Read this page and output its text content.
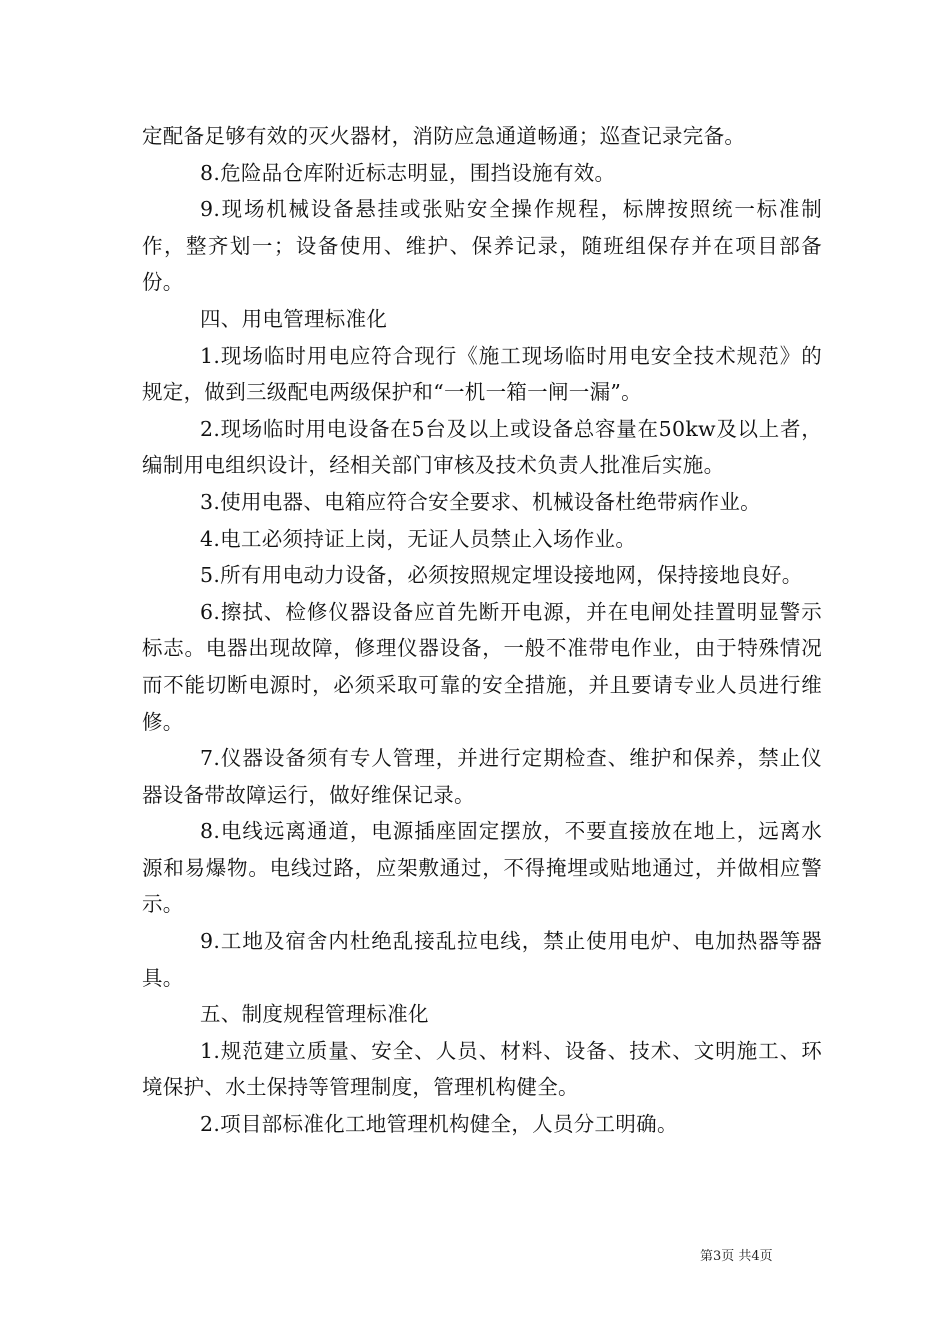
定配备足够有效的灭火器材，消防应急通道畅通；巡查记录完备。

8.危险品仓库附近标志明显，围挡设施有效。

9.现场机械设备悬挂或张贴安全操作规程，标牌按照统一标准制作，整齐划一；设备使用、维护、保养记录，随班组保存并在项目部备份。

四、用电管理标准化

1.现场临时用电应符合现行《施工现场临时用电安全技术规范》的规定，做到三级配电两级保护和“一机一箱一闸一漏”。

2.现场临时用电设备在5台及以上或设备总容量在50kw及以上者，编制用电组织设计，经相关部门审核及技术负责人批准后实施。

3.使用电器、电箱应符合安全要求、机械设备杜绝带病作业。

4.电工必须持证上岗，无证人员禁止入场作业。

5.所有用电动力设备，必须按照规定埋设接地网，保持接地良好。

6.擦拭、检修仪器设备应首先断开电源，并在电闸处挂置明显警示标志。电器出现故障，修理仪器设备，一般不准带电作业，由于特殊情况而不能切断电源时，必须采取可靠的安全措施，并且要请专业人员进行维修。

7.仪器设备须有专人管理，并进行定期检查、维护和保养，禁止仪器设备带故障运行，做好维保记录。

8.电线远离通道，电源插座固定摆放，不要直接放在地上，远离水源和易爆物。电线过路，应架敷通过，不得掩埋或贴地通过，并做相应警示。

9.工地及宿舍内杜绝乱接乱拉电线，禁止使用电炉、电加热器等器具。

五、制度规程管理标准化

1.规范建立质量、安全、人员、材料、设备、技术、文明施工、环境保护、水土保持等管理制度，管理机构健全。

2.项目部标准化工地管理机构健全，人员分工明确。

第3页 共4页
